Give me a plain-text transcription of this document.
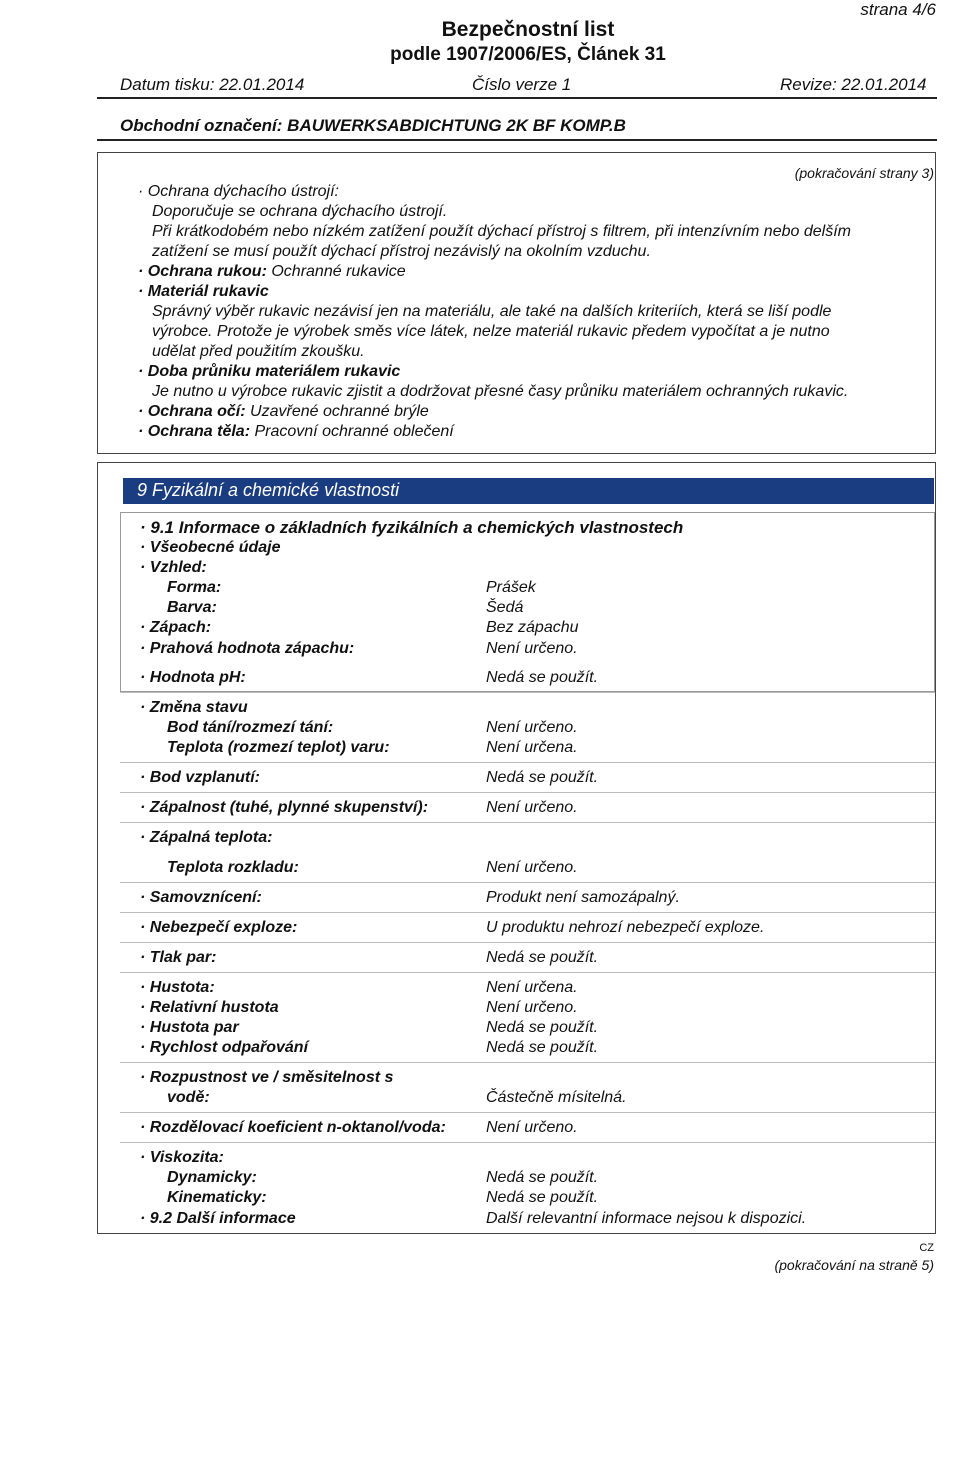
strana 4/6
Bezpečnostní list
podle 1907/2006/ES, Článek 31
Datum tisku: 22.01.2014	Číslo verze 1	Revize: 22.01.2014
Obchodní označení: BAUWERKSABDICHTUNG 2K BF KOMP.B
(pokračování strany 3)
· Ochrana dýchacího ústrojí:
Doporučuje se ochrana dýchacího ústrojí.
Při krátkodobém nebo nízkém zatížení použít dýchací přístroj s filtrem, při intenzívním nebo delším
zatížení se musí použít dýchací přístroj nezávislý na okolním vzduchu.
· Ochrana rukou: Ochranné rukavice
· Materiál rukavic
Správný výběr rukavic nezávisí jen na materiálu, ale také na dalších kriteriích, která se liší podle
výrobce. Protože je výrobek směs více látek, nelze materiál rukavic předem vypočítat a je nutno
udělat před použitím zkoušku.
· Doba průniku materiálem rukavic
Je nutno u výrobce rukavic zjistit a dodržovat přesné časy průniku materiálem ochranných rukavic.
· Ochrana očí: Uzavřené ochranné brýle
· Ochrana těla: Pracovní ochranné oblečení
9 Fyzikální a chemické vlastnosti
· 9.1 Informace o základních fyzikálních a chemických vlastnostech
· Všeobecné údaje
· Vzhled:
Forma:	Prášek
Barva:	Šedá
· Zápach:	Bez zápachu
· Prahová hodnota zápachu:	Není určeno.
· Hodnota pH:	Nedá se použít.
· Změna stavu
Bod tání/rozmezí tání:	Není určeno.
Teplota (rozmezí teplot) varu:	Není určena.
· Bod vzplanutí:	Nedá se použít.
· Zápalnost (tuhé, plynné skupenství):	Není určeno.
· Zápalná teplota:
Teplota rozkladu:	Není určeno.
· Samovznícení:	Produkt není samozápalný.
· Nebezpečí exploze:	U produktu nehrozí nebezpečí exploze.
· Tlak par:	Nedá se použít.
· Hustota:	Není určena.
· Relativní hustota	Není určeno.
· Hustota par	Nedá se použít.
· Rychlost odpařování	Nedá se použít.
· Rozpustnost ve / směsitelnost s
vodě:	Částečně mísitelná.
· Rozdělovací koeficient n-oktanol/voda:	Není určeno.
· Viskozita:
Dynamicky:	Nedá se použít.
Kinematicky:	Nedá se použít.
· 9.2 Další informace	Další relevantní informace nejsou k dispozici.
CZ
(pokračování na straně 5)
